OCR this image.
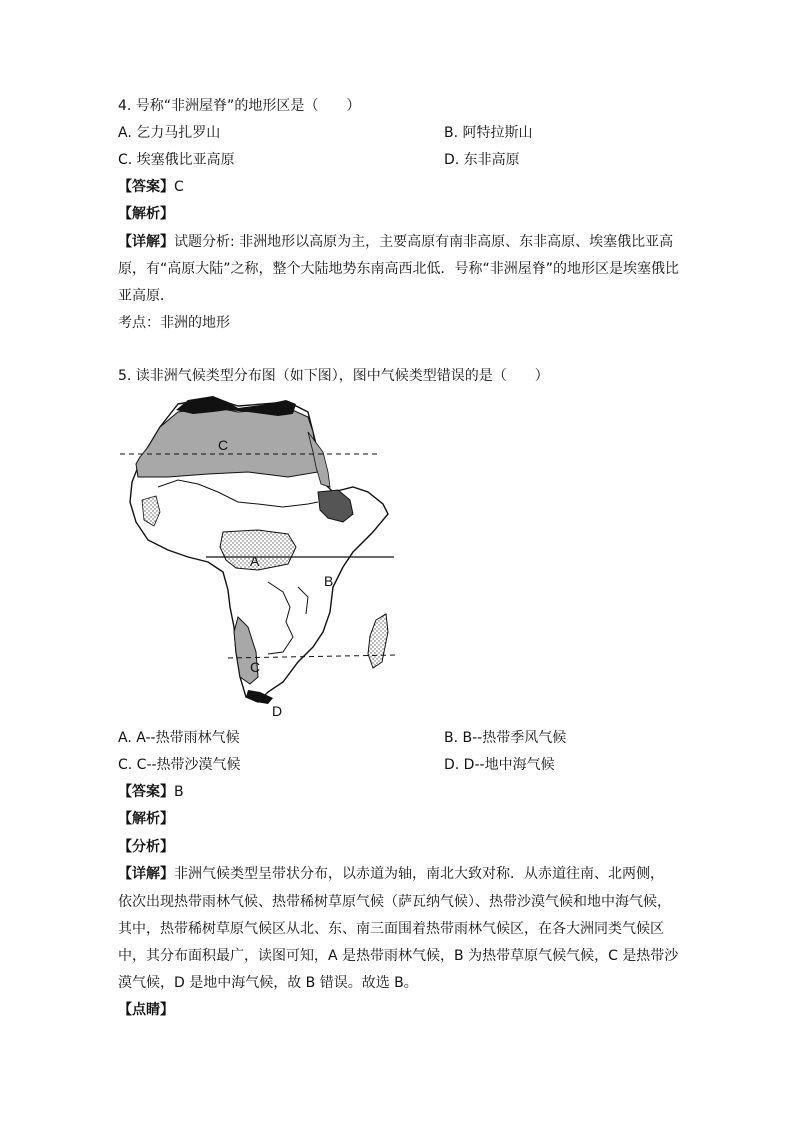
4. 号称“非洲屋脊”的地形区是（　　）
A. 乞力马扎罗山	B. 阿特拉斯山
C. 埃塞俄比亚高原	D. 东非高原
【答案】C
【解析】
【详解】试题分析: 非洲地形以高原为主，主要高原有南非高原、东非高原、埃塞俄比亚高
原，有“高原大陆”之称，整个大陆地势东南高西北低．号称“非洲屋脊”的地形区是埃塞俄比
亚高原．
考点：非洲的地形
5. 读非洲气候类型分布图（如下图），图中气候类型错误的是（　　）
D
C
A
B
C
D
A. A--热带雨林气候	B. B--热带季风气候
C. C--热带沙漠气候	D. D--地中海气候
【答案】B
【解析】
【分析】
【详解】非洲气候类型呈带状分布，以赤道为轴，南北大致对称．从赤道往南、北两侧，
依次出现热带雨林气候、热带稀树草原气候（萨瓦纳气候）、热带沙漠气候和地中海气候，
其中，热带稀树草原气候区从北、东、南三面围着热带雨林气候区，在各大洲同类气候区
中，其分布面积最广，读图可知，A 是热带雨林气候，B 为热带草原气候气候，C 是热带沙
漠气候，D 是地中海气候，故 B 错误。故选 B。
【点睛】
